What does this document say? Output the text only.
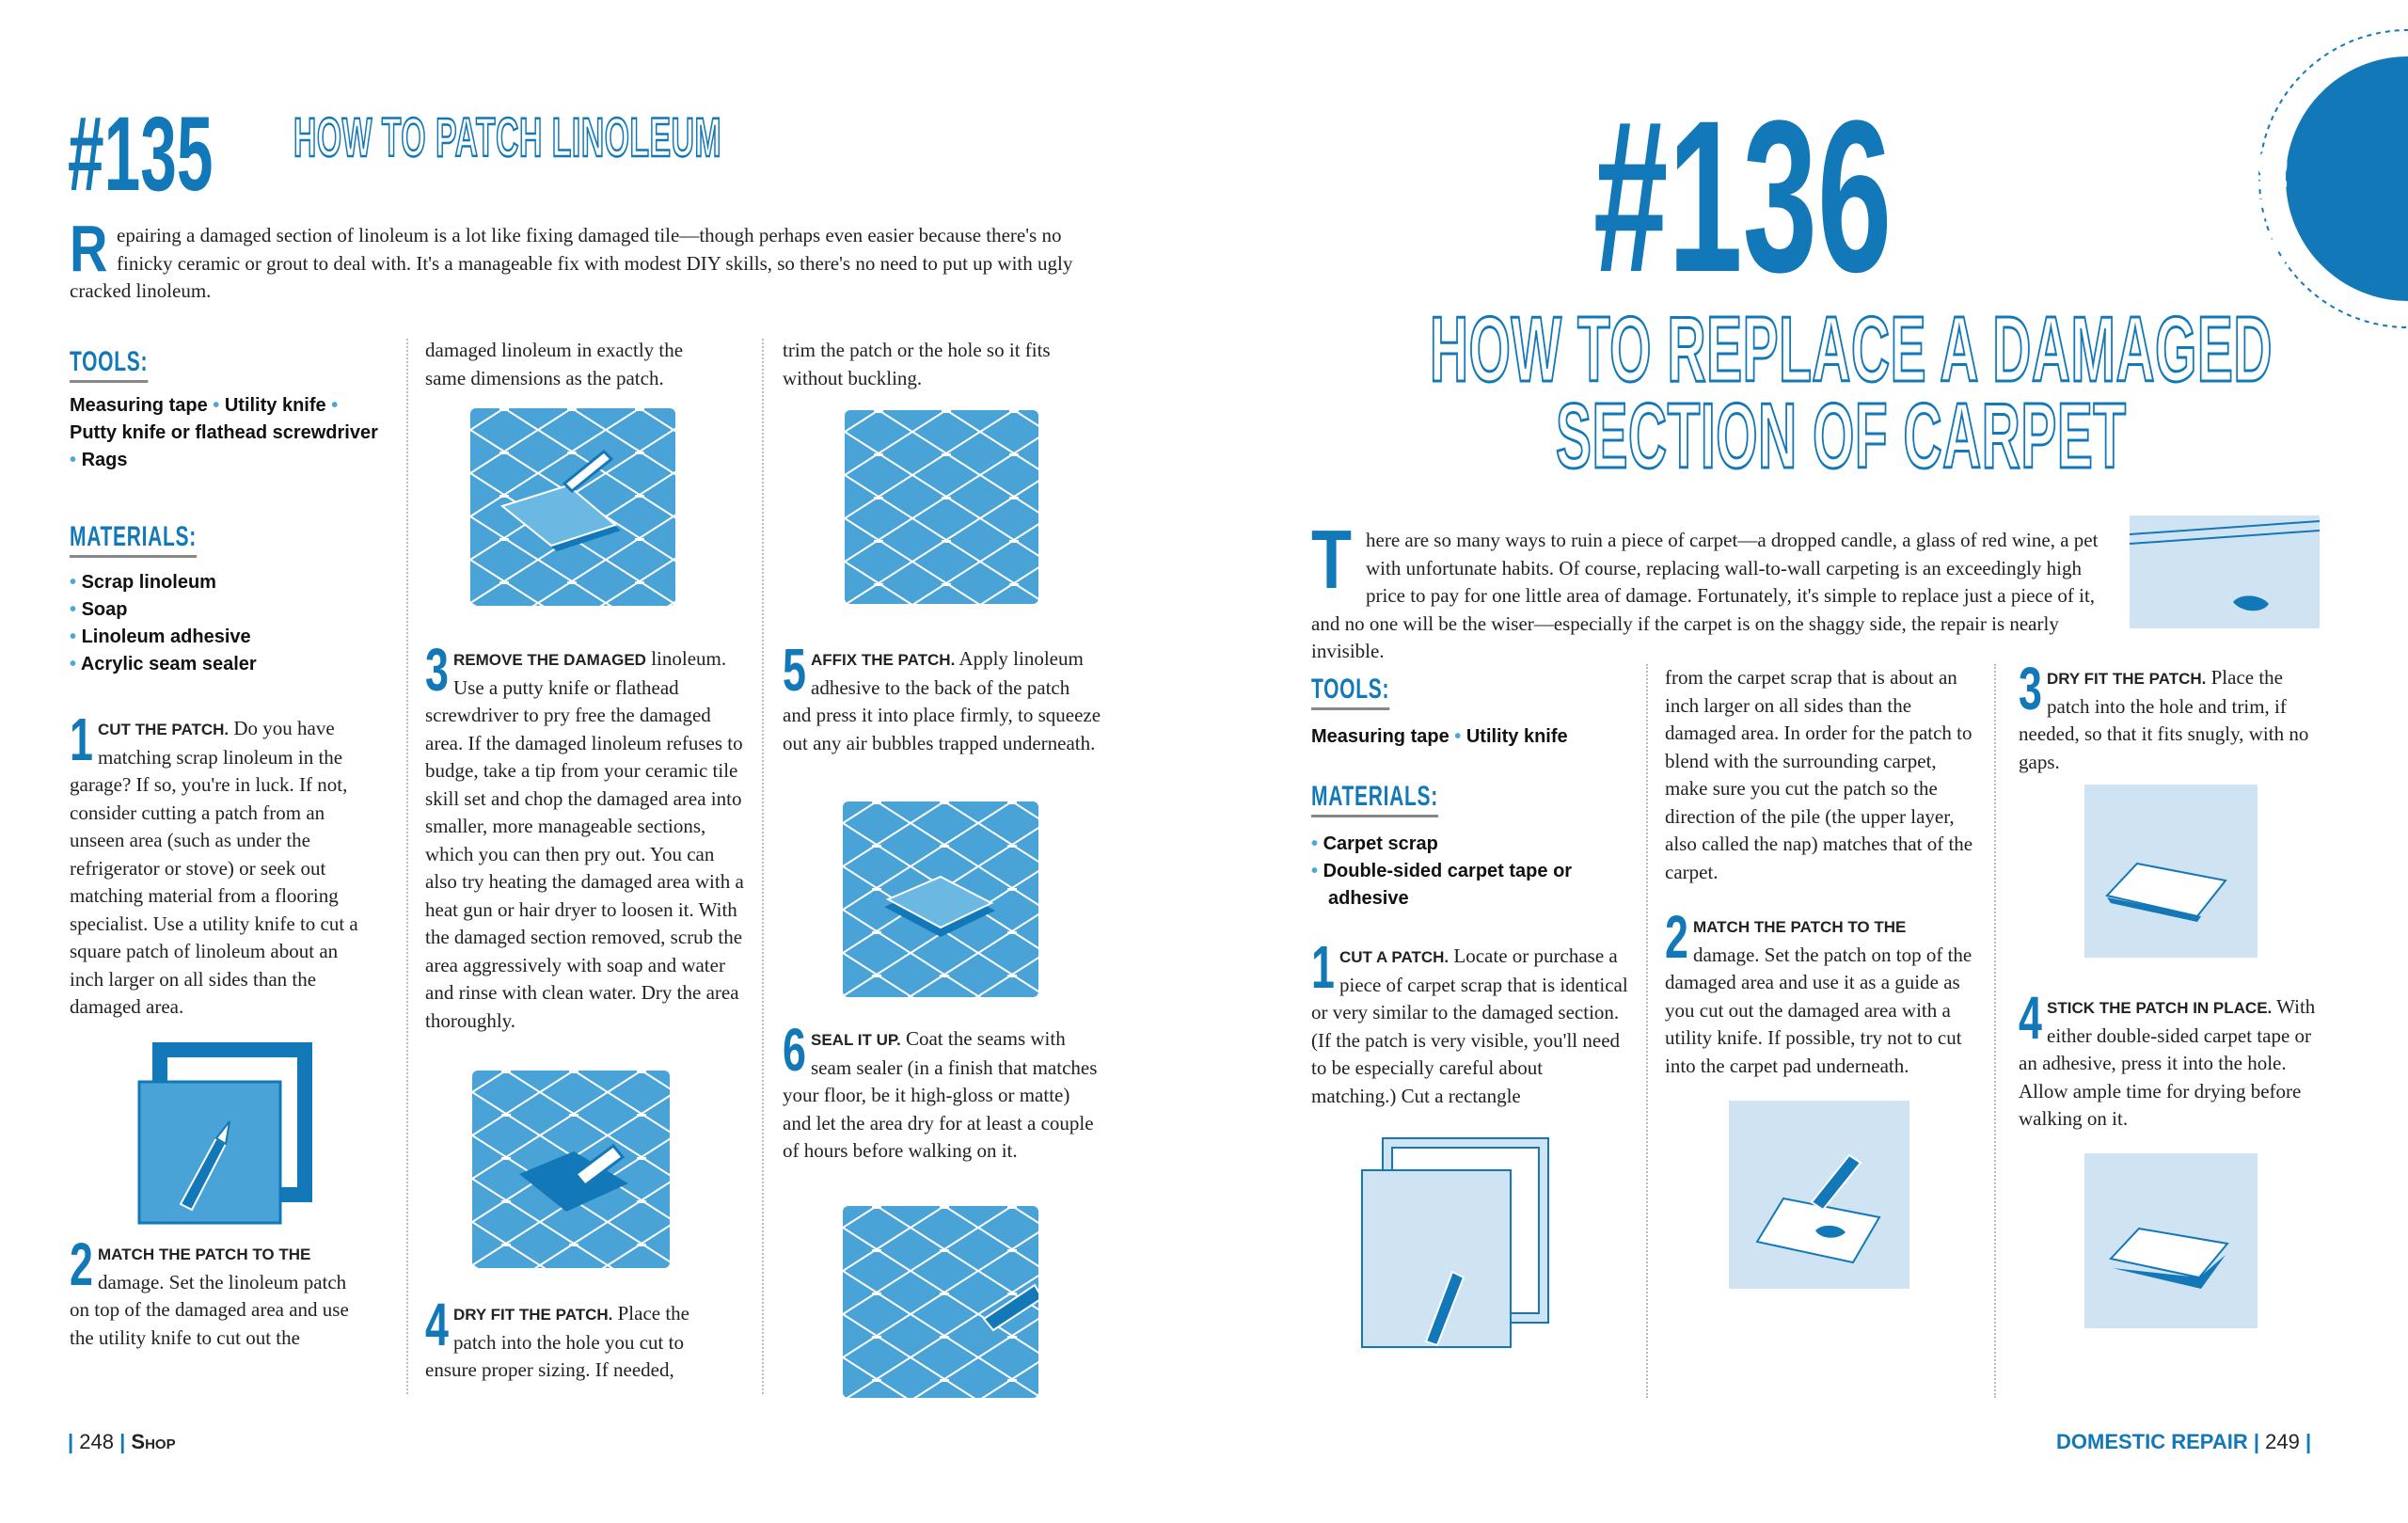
#135 HOW TO PATCH LINOLEUM
Repairing a damaged section of linoleum is a lot like fixing damaged tile—though perhaps even easier because there's no finicky ceramic or grout to deal with. It's a manageable fix with modest DIY skills, so there's no need to put up with ugly cracked linoleum.
TOOLS:
Measuring tape • Utility knife •
Putty knife or flathead screwdriver
• Rags
MATERIALS:
• Scrap linoleum
• Soap
• Linoleum adhesive
• Acrylic seam sealer
1 CUT THE PATCH. Do you have matching scrap linoleum in the garage? If so, you're in luck. If not, consider cutting a patch from an unseen area (such as under the refrigerator or stove) or seek out matching material from a flooring specialist. Use a utility knife to cut a square patch of linoleum about an inch larger on all sides than the damaged area.
2 MATCH THE PATCH TO THE damage. Set the linoleum patch on top of the damaged area and use the utility knife to cut out the
damaged linoleum in exactly the same dimensions as the patch.
3 REMOVE THE DAMAGED linoleum. Use a putty knife or flathead screwdriver to pry free the damaged area. If the damaged linoleum refuses to budge, take a tip from your ceramic tile skill set and chop the damaged area into smaller, more manageable sections, which you can then pry out. You can also try heating the damaged area with a heat gun or hair dryer to loosen it. With the damaged section removed, scrub the area aggressively with soap and water and rinse with clean water. Dry the area thoroughly.
4 DRY FIT THE PATCH. Place the patch into the hole you cut to ensure proper sizing. If needed,
trim the patch or the hole so it fits without buckling.
5 AFFIX THE PATCH. Apply linoleum adhesive to the back of the patch and press it into place firmly, to squeeze out any air bubbles trapped underneath.
6 SEAL IT UP. Coat the seams with seam sealer (in a finish that matches your floor, be it high-gloss or matte) and let the area dry for at least a couple of hours before walking on it.
| 248 | Shop
SHOP
#136
HOW TO REPLACE A DAMAGED
SECTION OF CARPET
There are so many ways to ruin a piece of carpet—a dropped candle, a glass of red wine, a pet with unfortunate habits. Of course, replacing wall-to-wall carpeting is an exceedingly high price to pay for one little area of damage. Fortunately, it's simple to replace just a piece of it, and no one will be the wiser—especially if the carpet is on the shaggy side, the repair is nearly invisible.
TOOLS:
Measuring tape • Utility knife
MATERIALS:
• Carpet scrap
• Double-sided carpet tape or adhesive
1 CUT A PATCH. Locate or purchase a piece of carpet scrap that is identical or very similar to the damaged section. (If the patch is very visible, you'll need to be especially careful about matching.) Cut a rectangle
from the carpet scrap that is about an inch larger on all sides than the damaged area. In order for the patch to blend with the surrounding carpet, make sure you cut the patch so the direction of the pile (the upper layer, also called the nap) matches that of the carpet.
2 MATCH THE PATCH TO THE damage. Set the patch on top of the damaged area and use it as a guide as you cut out the damaged area with a utility knife. If possible, try not to cut into the carpet pad underneath.
3 DRY FIT THE PATCH. Place the patch into the hole and trim, if needed, so that it fits snugly, with no gaps.
4 STICK THE PATCH IN PLACE. With either double-sided carpet tape or an adhesive, press it into the hole. Allow ample time for drying before walking on it.
DOMESTIC REPAIR | 249 |
